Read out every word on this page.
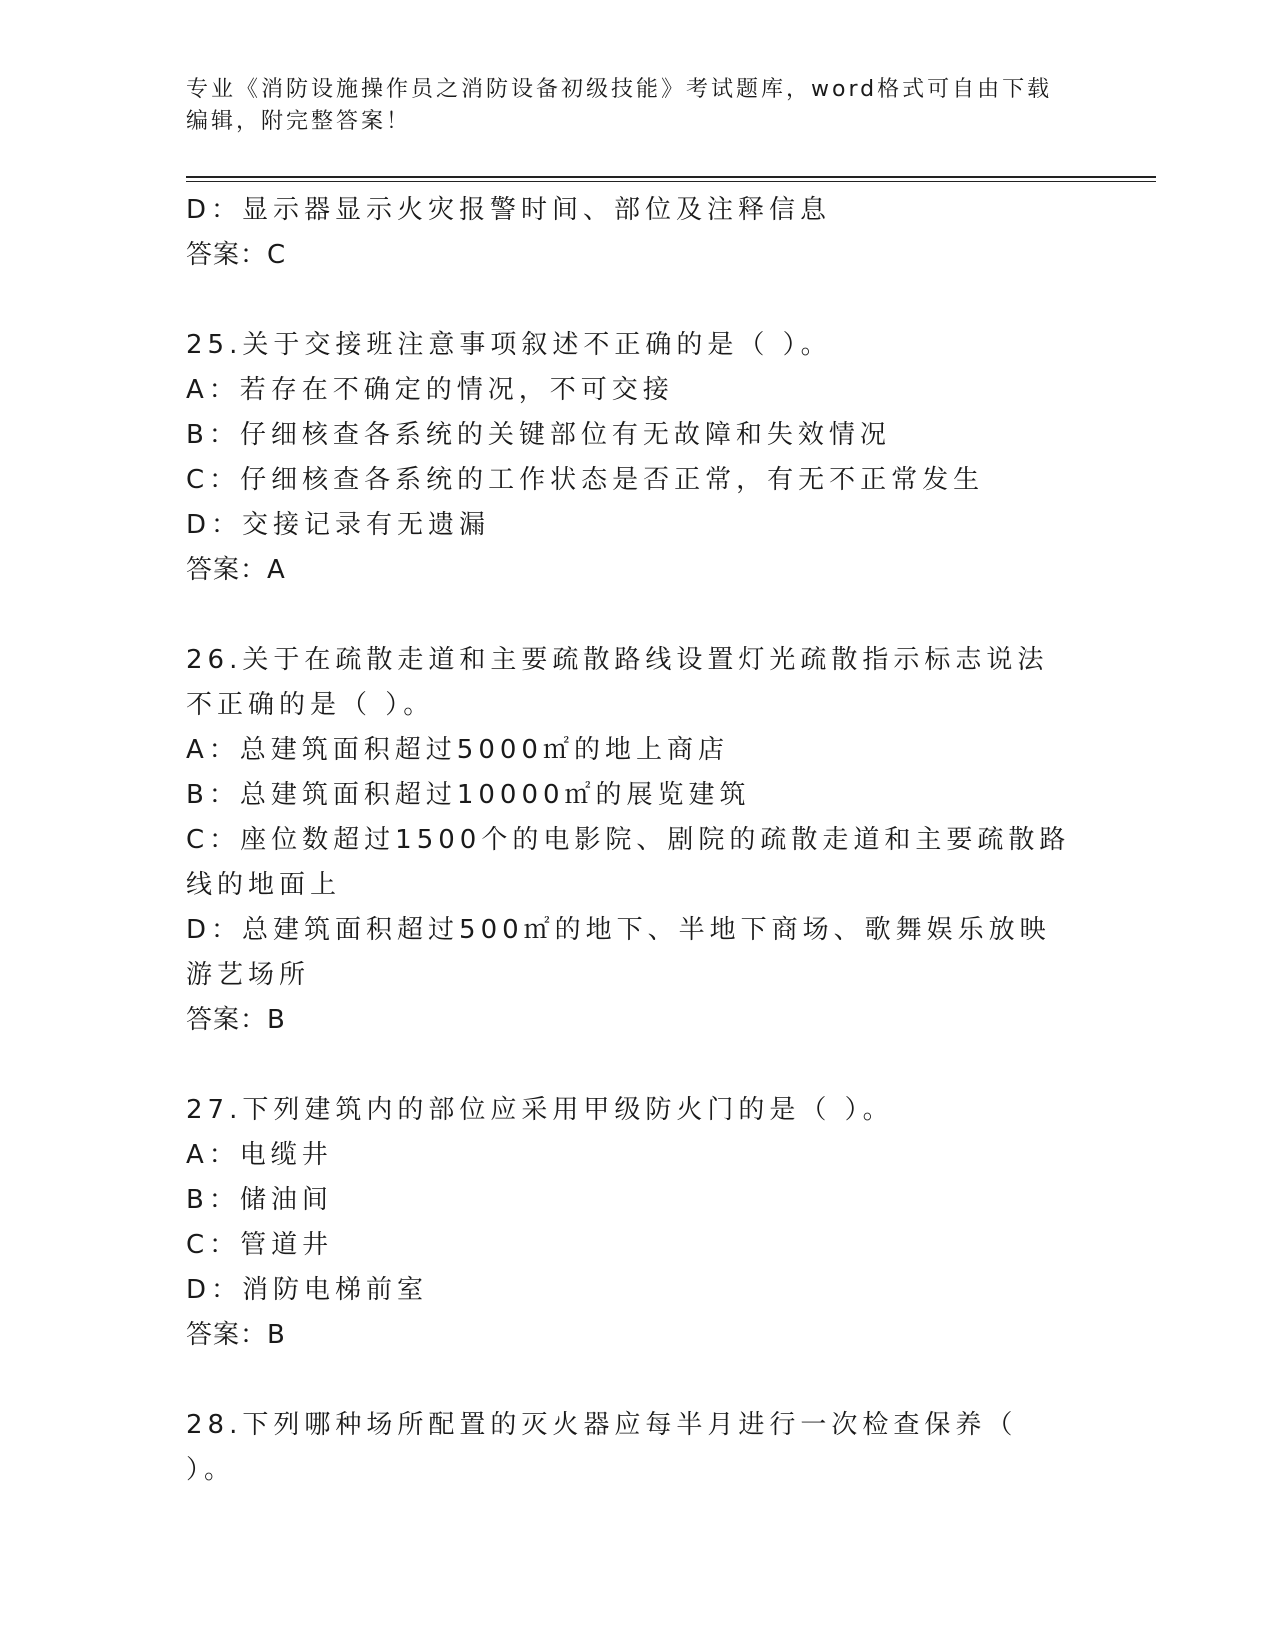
专业《消防设施操作员之消防设备初级技能》考试题库，word格式可自由下载编辑，附完整答案！
D：显示器显示火灾报警时间、部位及注释信息
答案：C
25.关于交接班注意事项叙述不正确的是（ ）。
A：若存在不确定的情况，不可交接
B：仔细核查各系统的关键部位有无故障和失效情况
C：仔细核查各系统的工作状态是否正常，有无不正常发生
D：交接记录有无遗漏
答案：A
26.关于在疏散走道和主要疏散路线设置灯光疏散指示标志说法不正确的是（ ）。
A：总建筑面积超过5000㎡的地上商店
B：总建筑面积超过10000㎡的展览建筑
C：座位数超过1500个的电影院、剧院的疏散走道和主要疏散路线的地面上
D：总建筑面积超过500㎡的地下、半地下商场、歌舞娱乐放映游艺场所
答案：B
27.下列建筑内的部位应采用甲级防火门的是（ ）。
A：电缆井
B：储油间
C：管道井
D：消防电梯前室
答案：B
28.下列哪种场所配置的灭火器应每半月进行一次检查保养（ ）。
